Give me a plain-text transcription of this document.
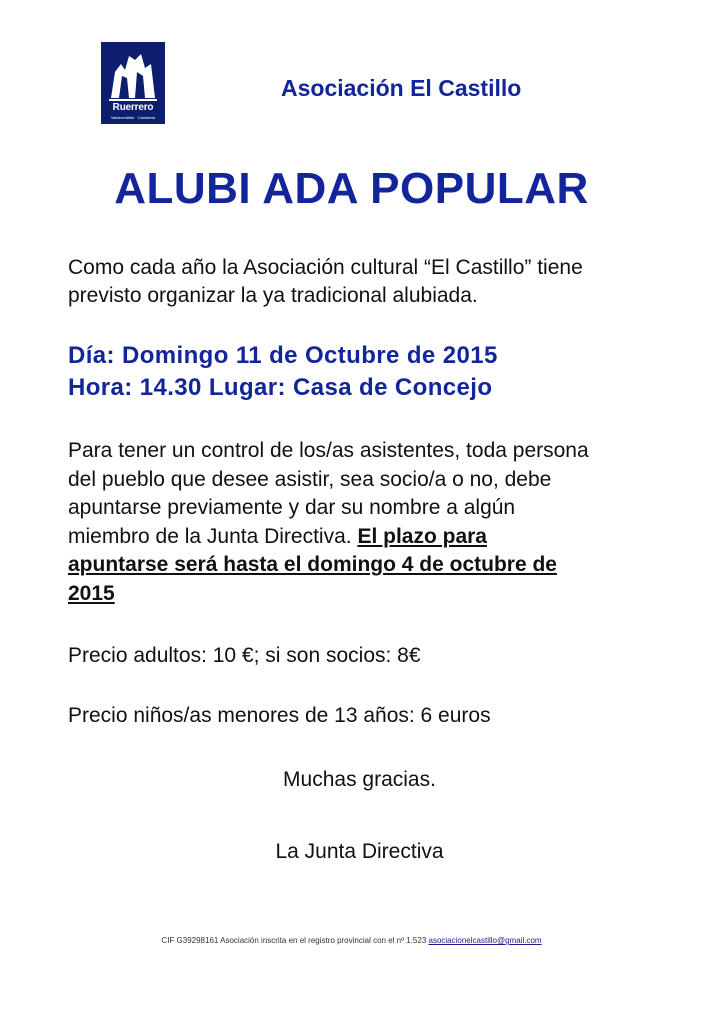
Ruerrero
Valderredible · Cantabria
Asociación El Castillo
ALUBI ADA POPULAR
Como cada año la Asociación cultural “El Castillo” tiene
previsto organizar la ya tradicional alubiada.
Día: Domingo 11 de Octubre de 2015
Hora: 14.30 Lugar: Casa de Concejo
Para tener un control de los/as asistentes, toda persona
del pueblo que desee asistir, sea socio/a o no, debe
apuntarse previamente y dar su nombre a algún
miembro de la Junta Directiva. El plazo para
apuntarse será hasta el domingo 4 de octubre de
2015
Precio adultos: 10 €; si son socios: 8€
Precio niños/as menores de 13 años: 6 euros
Muchas gracias.
La Junta Directiva
CIF G39298161 Asociación inscrita en el registro provincial con el nº 1.523 asociacionelcastillo@gmail.com
